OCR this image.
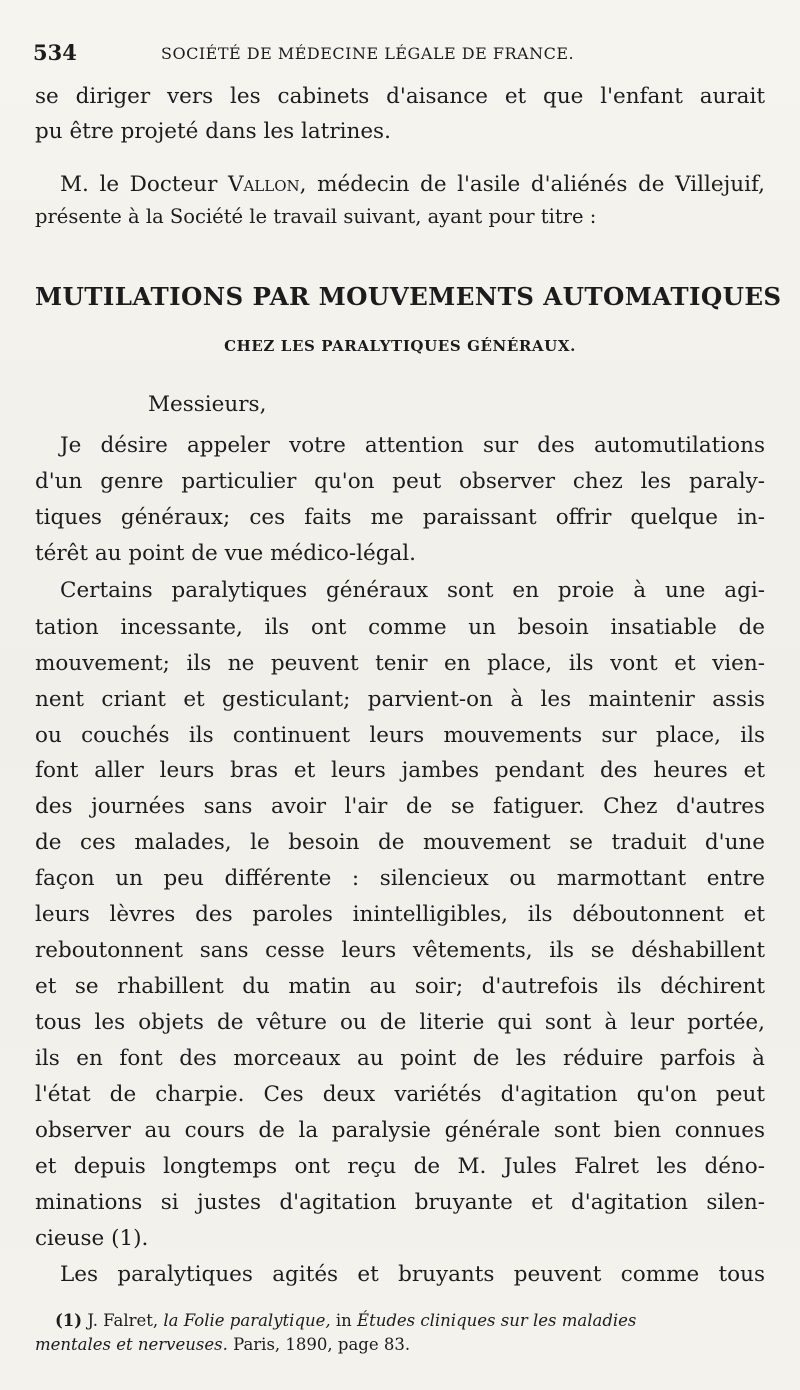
534	SOCIÉTÉ DE MÉDECINE LÉGALE DE FRANCE.
se diriger vers les cabinets d'aisance et que l'enfant aurait
pu être projeté dans les latrines.
M. le Docteur Vallon, médecin de l'asile d'aliénés de Villejuif,
présente à la Société le travail suivant, ayant pour titre :
MUTILATIONS PAR MOUVEMENTS AUTOMATIQUES
CHEZ LES PARALYTIQUES GÉNÉRAUX.
Messieurs,
Je désire appeler votre attention sur des automutilations
d'un genre particulier qu'on peut observer chez les paraly-
tiques généraux; ces faits me paraissant offrir quelque in-
térêt au point de vue médico-légal.
Certains paralytiques généraux sont en proie à une agi-
tation incessante, ils ont comme un besoin insatiable de
mouvement; ils ne peuvent tenir en place, ils vont et vien-
nent criant et gesticulant; parvient-on à les maintenir assis
ou couchés ils continuent leurs mouvements sur place, ils
font aller leurs bras et leurs jambes pendant des heures et
des journées sans avoir l'air de se fatiguer. Chez d'autres
de ces malades, le besoin de mouvement se traduit d'une
façon un peu différente : silencieux ou marmottant entre
leurs lèvres des paroles inintelligibles, ils déboutonnent et
reboutonnent sans cesse leurs vêtements, ils se déshabillent
et se rhabillent du matin au soir; d'autrefois ils déchirent
tous les objets de vêture ou de literie qui sont à leur portée,
ils en font des morceaux au point de les réduire parfois à
l'état de charpie. Ces deux variétés d'agitation qu'on peut
observer au cours de la paralysie générale sont bien connues
et depuis longtemps ont reçu de M. Jules Falret les déno-
minations si justes d'agitation bruyante et d'agitation silen-
cieuse (1).
Les paralytiques agités et bruyants peuvent comme tous
(1) J. Falret, la Folie paralytique, in Études cliniques sur les maladies
mentales et nerveuses. Paris, 1890, page 83.
